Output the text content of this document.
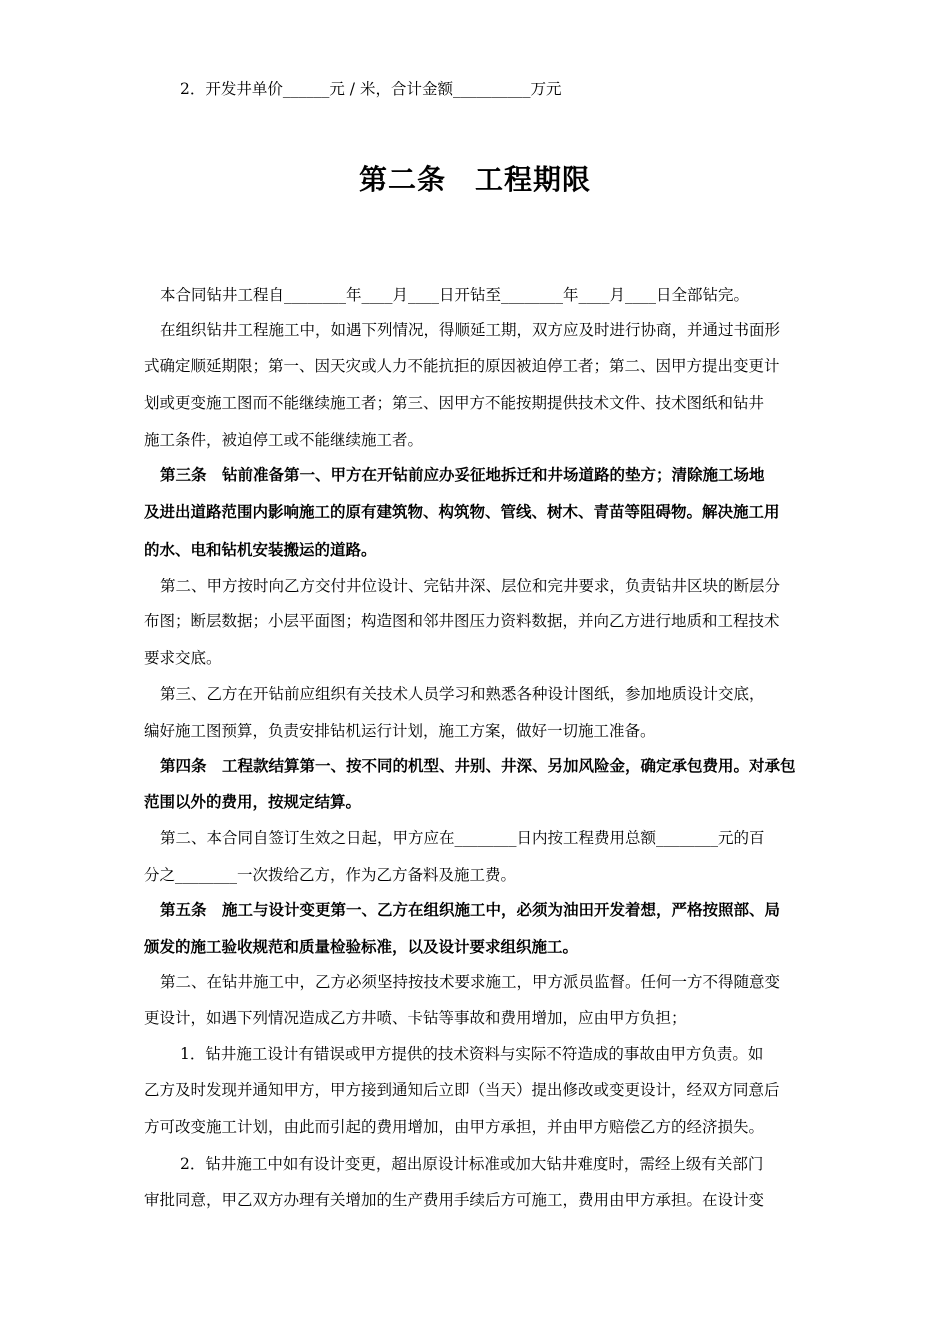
2．开发井单价______元 / 米，合计金额__________万元
第二条　工程期限
本合同钻井工程自________年____月____日开钻至________年____月____日全部钻完。
在组织钻井工程施工中，如遇下列情况，得顺延工期，双方应及时进行协商，并通过书面形
式确定顺延期限；第一、因天灾或人力不能抗拒的原因被迫停工者；第二、因甲方提出变更计
划或更变施工图而不能继续施工者；第三、因甲方不能按期提供技术文件、技术图纸和钻井
施工条件，被迫停工或不能继续施工者。
第三条　钻前准备第一、甲方在开钻前应办妥征地拆迁和井场道路的垫方；清除施工场地
及进出道路范围内影响施工的原有建筑物、构筑物、管线、树木、青苗等阻碍物。解决施工用
的水、电和钻机安装搬运的道路。
第二、甲方按时向乙方交付井位设计、完钻井深、层位和完井要求，负责钻井区块的断层分
布图；断层数据；小层平面图；构造图和邻井图压力资料数据，并向乙方进行地质和工程技术
要求交底。
第三、乙方在开钻前应组织有关技术人员学习和熟悉各种设计图纸，参加地质设计交底，
编好施工图预算，负责安排钻机运行计划，施工方案，做好一切施工准备。
第四条　工程款结算第一、按不同的机型、井别、井深、另加风险金，确定承包费用。对承包
范围以外的费用，按规定结算。
第二、本合同自签订生效之日起，甲方应在________日内按工程费用总额________元的百
分之________一次拨给乙方，作为乙方备料及施工费。
第五条　施工与设计变更第一、乙方在组织施工中，必须为油田开发着想，严格按照部、局
颁发的施工验收规范和质量检验标准，以及设计要求组织施工。
第二、在钻井施工中，乙方必须坚持按技术要求施工，甲方派员监督。任何一方不得随意变
更设计，如遇下列情况造成乙方井喷、卡钻等事故和费用增加，应由甲方负担；
1．钻井施工设计有错误或甲方提供的技术资料与实际不符造成的事故由甲方负责。如
乙方及时发现并通知甲方，甲方接到通知后立即（当天）提出修改或变更设计，经双方同意后
方可改变施工计划，由此而引起的费用增加，由甲方承担，并由甲方赔偿乙方的经济损失。
2．钻井施工中如有设计变更，超出原设计标准或加大钻井难度时，需经上级有关部门
审批同意，甲乙双方办理有关增加的生产费用手续后方可施工，费用由甲方承担。在设计变
